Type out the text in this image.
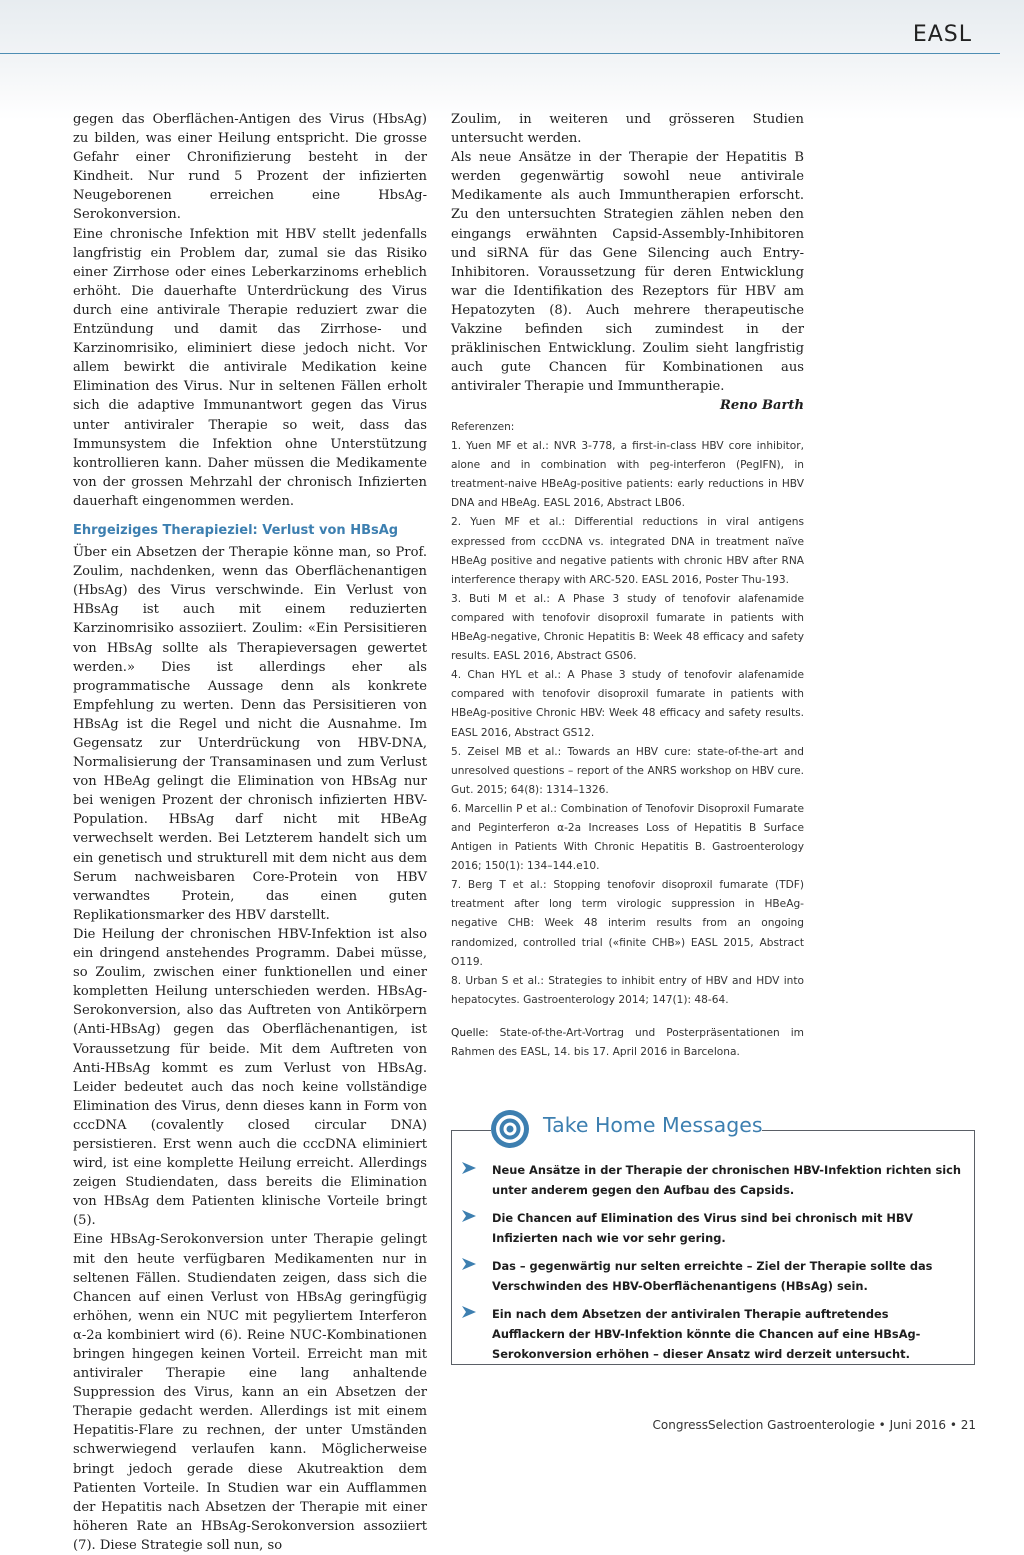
EASL

gegen das Oberflächen-Antigen des Virus (HbsAg) zu bilden, was einer Heilung entspricht. Die grosse Gefahr einer Chronifizierung besteht in der Kindheit. Nur rund 5 Prozent der infizierten Neugeborenen erreichen eine HbsAg-Serokonversion.

Eine chronische Infektion mit HBV stellt jedenfalls langfristig ein Problem dar, zumal sie das Risiko einer Zirrhose oder eines Leberkarzinoms erheblich erhöht. Die dauerhafte Unterdrückung des Virus durch eine antivirale Therapie reduziert zwar die Entzündung und damit das Zirrhose- und Karzinomrisiko, eliminiert diese jedoch nicht. Vor allem bewirkt die antivirale Medikation keine Elimination des Virus. Nur in seltenen Fällen erholt sich die adaptive Immunantwort gegen das Virus unter antiviraler Therapie so weit, dass das Immunsystem die Infektion ohne Unterstützung kontrollieren kann. Daher müssen die Medikamente von der grossen Mehrzahl der chronisch Infizierten dauerhaft eingenommen werden.

Ehrgeiziges Therapieziel: Verlust von HBsAg

Über ein Absetzen der Therapie könne man, so Prof. Zoulim, nachdenken, wenn das Oberflächenantigen (HbsAg) des Virus verschwinde. Ein Verlust von HBsAg ist auch mit einem reduzierten Karzinomrisiko assoziiert. Zoulim: «Ein Persisitieren von HBsAg sollte als Therapieversagen gewertet werden.» Dies ist allerdings eher als programmatische Aussage denn als konkrete Empfehlung zu werten. Denn das Persisitieren von HBsAg ist die Regel und nicht die Ausnahme. Im Gegensatz zur Unterdrückung von HBV-DNA, Normalisierung der Transaminasen und zum Verlust von HBeAg gelingt die Elimination von HBsAg nur bei wenigen Prozent der chronisch infizierten HBV-Population. HBsAg darf nicht mit HBeAg verwechselt werden. Bei Letzterem handelt sich um ein genetisch und strukturell mit dem nicht aus dem Serum nachweisbaren Core-Protein von HBV verwandtes Protein, das einen guten Replikationsmarker des HBV darstellt.

Die Heilung der chronischen HBV-Infektion ist also ein dringend anstehendes Programm. Dabei müsse, so Zoulim, zwischen einer funktionellen und einer kompletten Heilung unterschieden werden. HBsAg-Serokonversion, also das Auftreten von Antikörpern (Anti-HBsAg) gegen das Oberflächenantigen, ist Voraussetzung für beide. Mit dem Auftreten von Anti-HBsAg kommt es zum Verlust von HBsAg. Leider bedeutet auch das noch keine vollständige Elimination des Virus, denn dieses kann in Form von cccDNA (covalently closed circular DNA) persistieren. Erst wenn auch die cccDNA eliminiert wird, ist eine komplette Heilung erreicht. Allerdings zeigen Studiendaten, dass bereits die Elimination von HBsAg dem Patienten klinische Vorteile bringt (5).

Eine HBsAg-Serokonversion unter Therapie gelingt mit den heute verfügbaren Medikamenten nur in seltenen Fällen. Studiendaten zeigen, dass sich die Chancen auf einen Verlust von HBsAg geringfügig erhöhen, wenn ein NUC mit pegyliertem Interferon α-2a kombiniert wird (6). Reine NUC-Kombinationen bringen hingegen keinen Vorteil. Erreicht man mit antiviraler Therapie eine lang anhaltende Suppression des Virus, kann an ein Absetzen der Therapie gedacht werden. Allerdings ist mit einem Hepatitis-Flare zu rechnen, der unter Umständen schwerwiegend verlaufen kann. Möglicherweise bringt jedoch gerade diese Akutreaktion dem Patienten Vorteile. In Studien war ein Aufflammen der Hepatitis nach Absetzen der Therapie mit einer höheren Rate an HBsAg-Serokonversion assoziiert (7). Diese Strategie soll nun, so

Zoulim, in weiteren und grösseren Studien untersucht werden.

Als neue Ansätze in der Therapie der Hepatitis B werden gegenwärtig sowohl neue antivirale Medikamente als auch Immuntherapien erforscht. Zu den untersuchten Strategien zählen neben den eingangs erwähnten Capsid-Assembly-Inhibitoren und siRNA für das Gene Silencing auch Entry-Inhibitoren. Voraussetzung für deren Entwicklung war die Identifikation des Rezeptors für HBV am Hepatozyten (8). Auch mehrere therapeutische Vakzine befinden sich zumindest in der präklinischen Entwicklung. Zoulim sieht langfristig auch gute Chancen für Kombinationen aus antiviraler Therapie und Immuntherapie.

Reno Barth

Referenzen:

1. Yuen MF et al.: NVR 3-778, a first-in-class HBV core inhibitor, alone and in combination with peg-interferon (PegIFN), in treatment-naive HBeAg-positive patients: early reductions in HBV DNA and HBeAg. EASL 2016, Abstract LB06.

2. Yuen MF et al.: Differential reductions in viral antigens expressed from cccDNA vs. integrated DNA in treatment naïve HBeAg positive and negative patients with chronic HBV after RNA interference therapy with ARC-520. EASL 2016, Poster Thu-193.

3. Buti M et al.: A Phase 3 study of tenofovir alafenamide compared with tenofovir disoproxil fumarate in patients with HBeAg-negative, Chronic Hepatitis B: Week 48 efficacy and safety results. EASL 2016, Abstract GS06.

4. Chan HYL et al.: A Phase 3 study of tenofovir alafenamide compared with tenofovir disoproxil fumarate in patients with HBeAg-positive Chronic HBV: Week 48 efficacy and safety results. EASL 2016, Abstract GS12.

5. Zeisel MB et al.: Towards an HBV cure: state-of-the-art and unresolved questions – report of the ANRS workshop on HBV cure. Gut. 2015; 64(8): 1314–1326.

6. Marcellin P et al.: Combination of Tenofovir Disoproxil Fumarate and Peginterferon α-2a Increases Loss of Hepatitis B Surface Antigen in Patients With Chronic Hepatitis B. Gastroenterology 2016; 150(1): 134–144.e10.

7. Berg T et al.: Stopping tenofovir disoproxil fumarate (TDF) treatment after long term virologic suppression in HBeAg-negative CHB: Week 48 interim results from an ongoing randomized, controlled trial («finite CHB») EASL 2015, Abstract O119.

8. Urban S et al.: Strategies to inhibit entry of HBV and HDV into hepatocytes. Gastroenterology 2014; 147(1): 48-64.

Quelle: State-of-the-Art-Vortrag und Posterpräsentationen im Rahmen des EASL, 14. bis 17. April 2016 in Barcelona.

Take Home Messages
Neue Ansätze in der Therapie der chronischen HBV-Infektion richten sich unter anderem gegen den Aufbau des Capsids.
Die Chancen auf Elimination des Virus sind bei chronisch mit HBV Infizierten nach wie vor sehr gering.
Das – gegenwärtig nur selten erreichte – Ziel der Therapie sollte das Verschwinden des HBV-Oberflächenantigens (HBsAg) sein.
Ein nach dem Absetzen der antiviralen Therapie auftretendes Aufflackern der HBV-Infektion könnte die Chancen auf eine HBsAg-Serokonversion erhöhen – dieser Ansatz wird derzeit untersucht.
CongressSelection Gastroenterologie • Juni 2016 • 21
